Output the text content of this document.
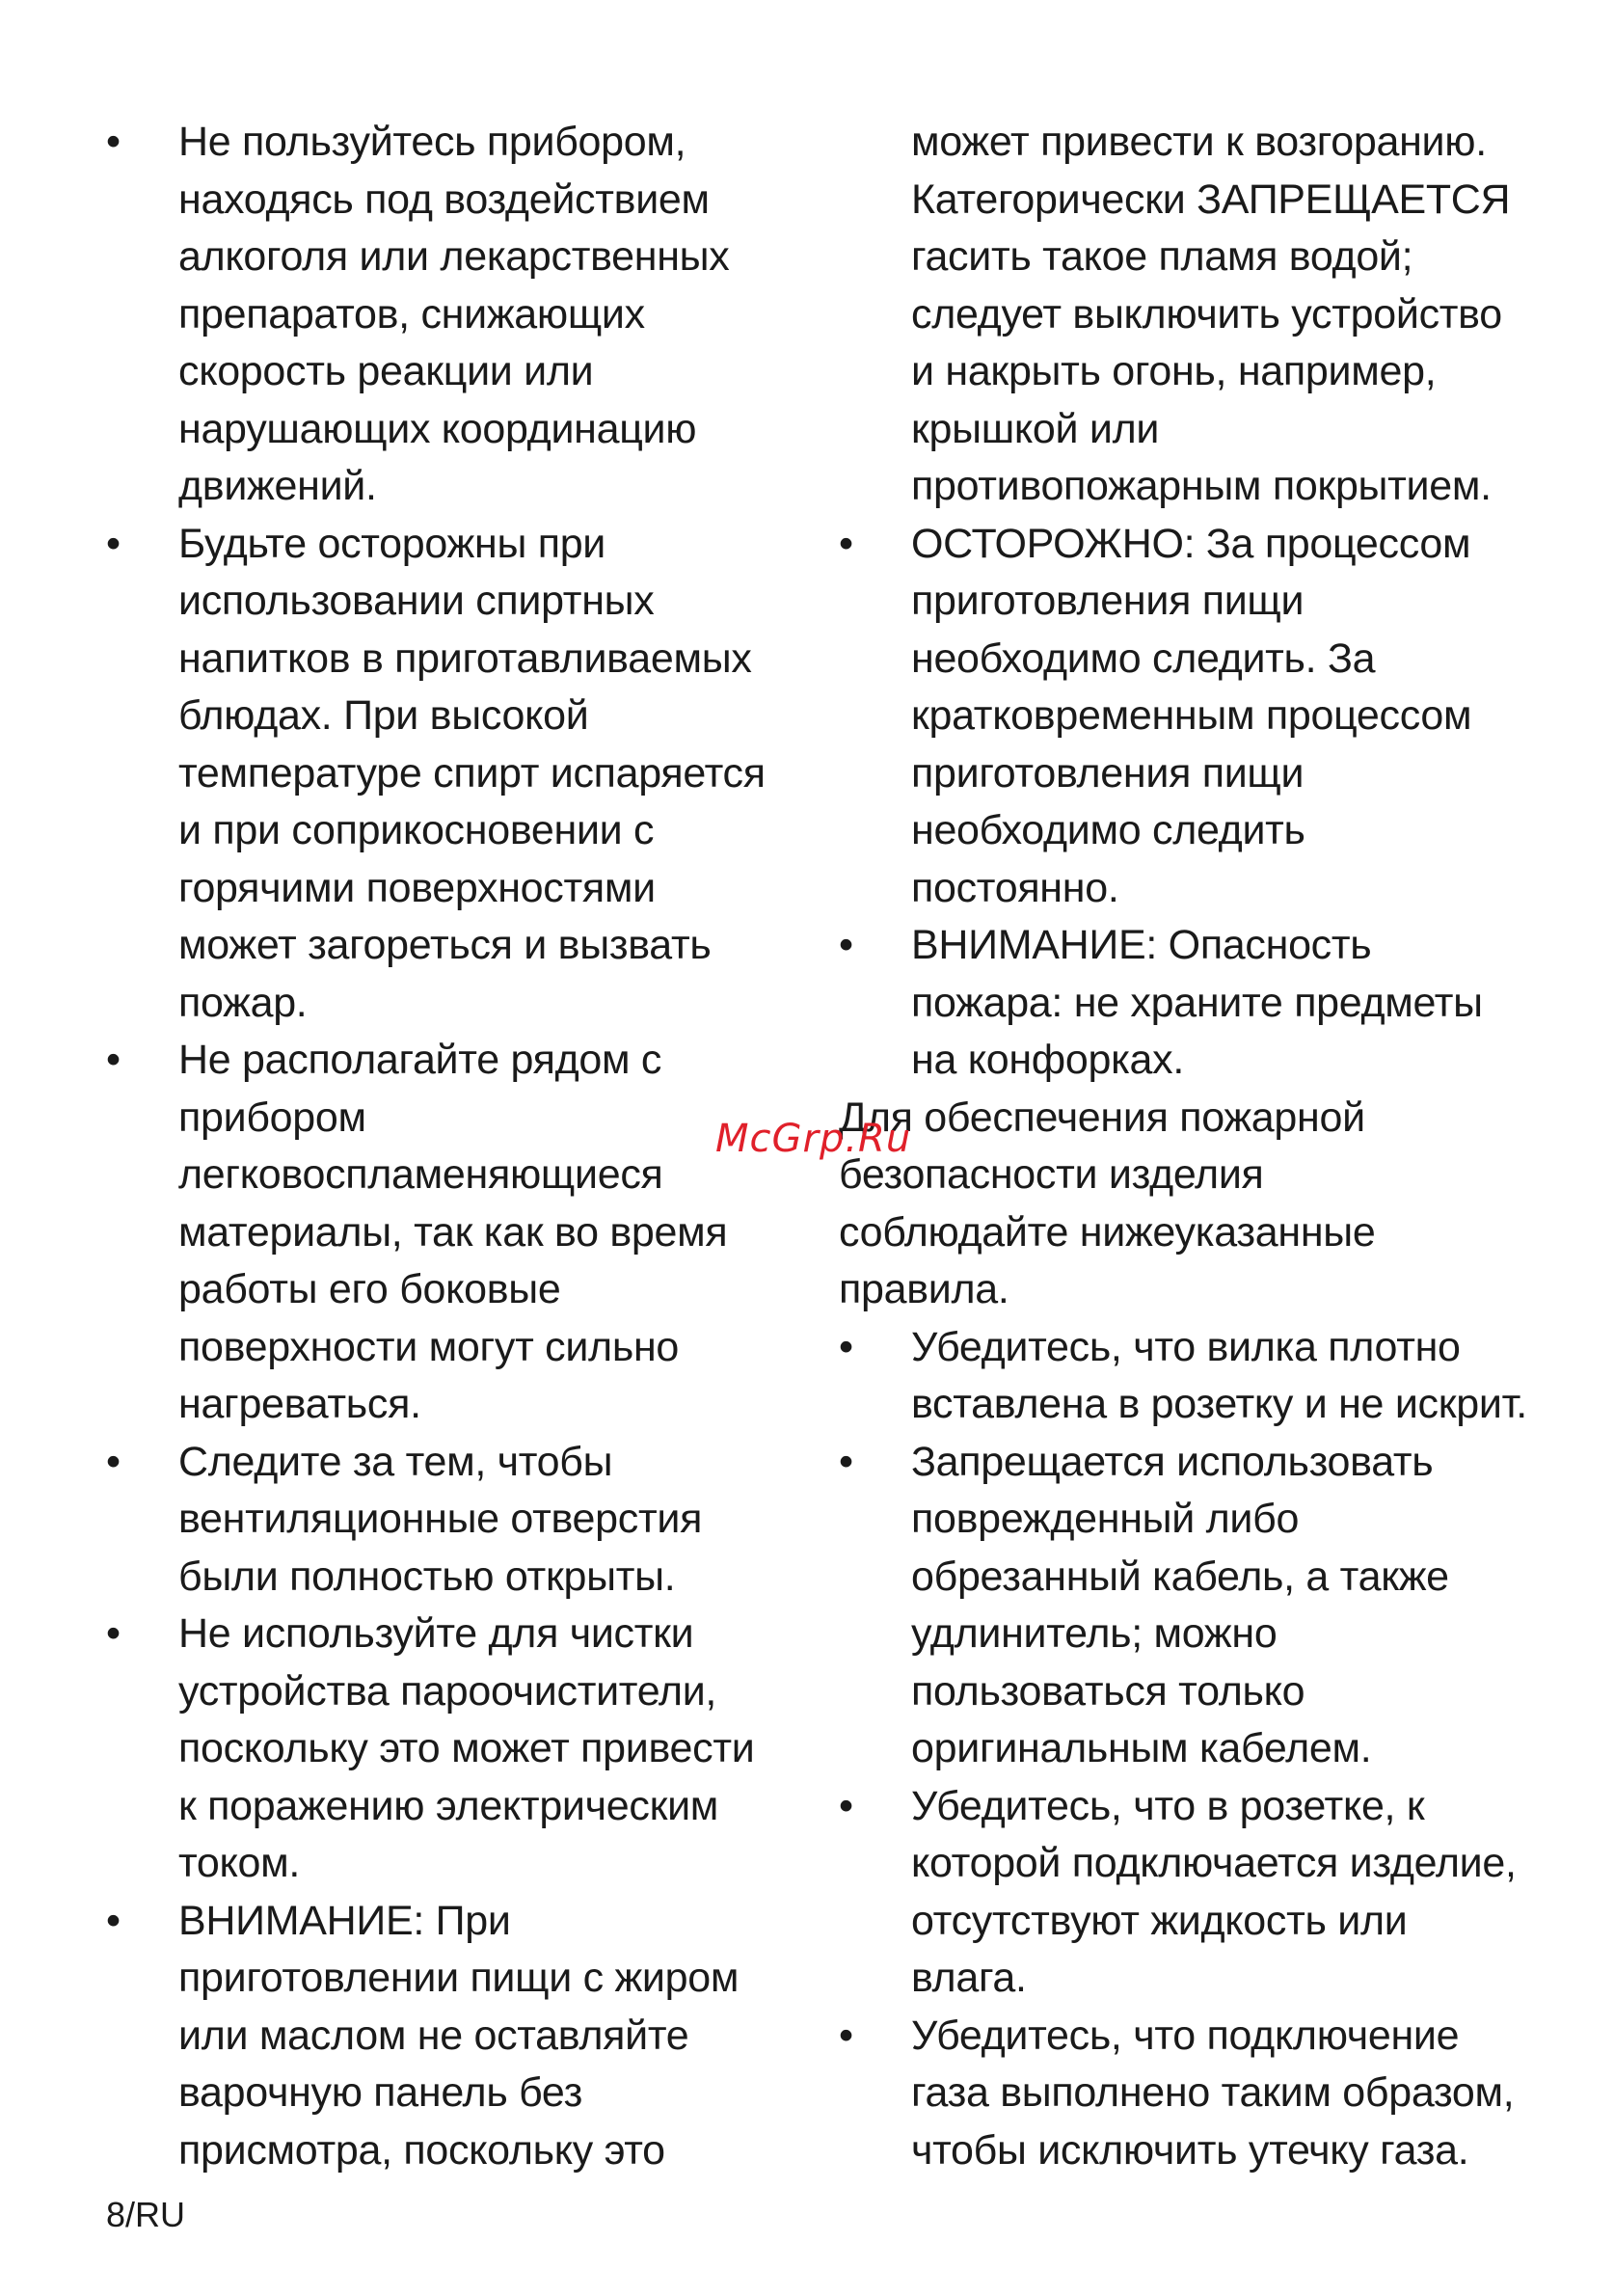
•	Не пользуйтесь прибором,
находясь под воздействием
алкоголя или лекарственных
препаратов, снижающих
скорость реакции или
нарушающих координацию
движений.
•	Будьте осторожны при
использовании спиртных
напитков в приготавливаемых
блюдах. При высокой
температуре спирт испаряется
и при соприкосновении с
горячими поверхностями
может загореться и вызвать
пожар.
•	Не располагайте рядом с
прибором
легковоспламеняющиеся
материалы, так как во время
работы его боковые
поверхности могут сильно
нагреваться.
•	Следите за тем, чтобы
вентиляционные отверстия
были полностью открыты.
•	Не используйте для чистки
устройства пароочистители,
поскольку это может привести
к поражению электрическим
током.
•	ВНИМАНИЕ: При
приготовлении пищи с жиром
или маслом не оставляйте
варочную панель без
присмотра, поскольку это
может привести к возгоранию.
Категорически ЗАПРЕЩАЕТСЯ
гасить такое пламя водой;
следует выключить устройство
и накрыть огонь, например,
крышкой или
противопожарным покрытием.
•	ОСТОРОЖНО: За процессом
приготовления пищи
необходимо следить. За
кратковременным процессом
приготовления пищи
необходимо следить
постоянно.
•	ВНИМАНИЕ: Опасность
пожара: не храните предметы
на конфорках.
Для обеспечения пожарной
безопасности изделия
соблюдайте нижеуказанные
правила.
•	Убедитесь, что вилка плотно
вставлена в розетку и не искрит.
•	Запрещается использовать
поврежденный либо
обрезанный кабель, а также
удлинитель; можно
пользоваться только
оригинальным кабелем.
•	Убедитесь, что в розетке, к
которой подключается изделие,
отсутствуют жидкость или влага.
•	Убедитесь, что подключение
газа выполнено таким образом,
чтобы исключить утечку газа.
McGrp.Ru
8/RU
